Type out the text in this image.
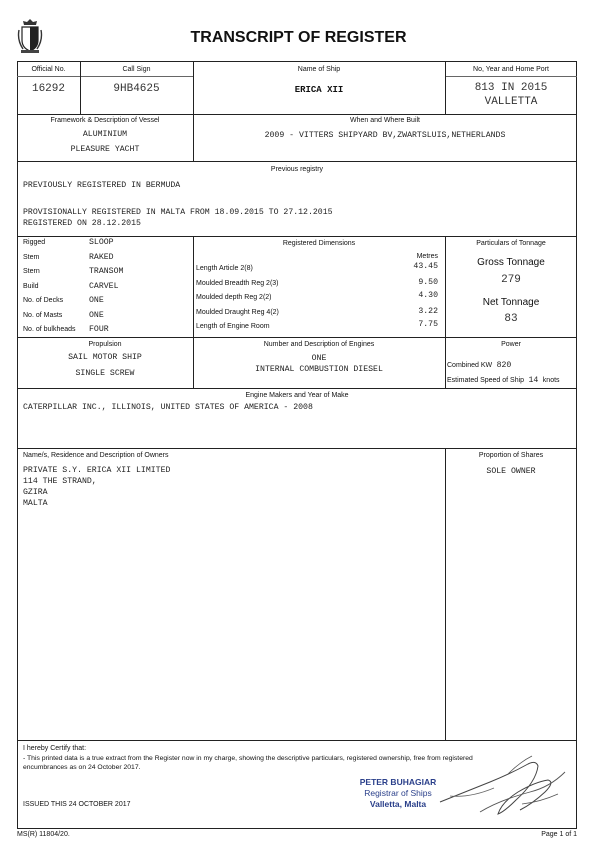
TRANSCRIPT OF REGISTER
Official No.
16292
Call Sign
9HB4625
Name of Ship
ERICA XII
No, Year and Home Port
813 IN 2015
VALLETTA
Framework & Description of Vessel
ALUMINIUM
PLEASURE YACHT
When and Where Built
2009 - VITTERS SHIPYARD BV,ZWARTSLUIS,NETHERLANDS
Previous registry
PREVIOUSLY REGISTERED IN BERMUDA
PROVISIONALLY REGISTERED IN MALTA FROM 18.09.2015 TO 27.12.2015
REGISTERED ON 28.12.2015
Rigged	SLOOP
Stem	RAKED
Stern	TRANSOM
Build	CARVEL
No. of Decks	ONE
No. of Masts	ONE
No. of bulkheads FOUR
Registered Dimensions
Metres
Length Article 2(8)	43.45
Moulded Breadth Reg 2(3)	9.50
Moulded depth Reg 2(2)	4.30
Moulded Draught Reg 4(2)	3.22
Length of Engine Room	7.75
Particulars of Tonnage
Gross Tonnage
279
Net Tonnage
83
Propulsion
SAIL MOTOR SHIP
SINGLE SCREW
Number and Description of Engines
ONE
INTERNAL COMBUSTION DIESEL
Power
Combined KW 820
Estimated Speed of Ship 14 knots
Engine Makers and Year of Make
CATERPILLAR INC., ILLINOIS, UNITED STATES OF AMERICA - 2008
Name/s, Residence and Description of Owners
PRIVATE S.Y. ERICA XII LIMITED
114 THE STRAND,
GZIRA
MALTA
Proportion of Shares
SOLE OWNER
I hereby Certify that:
- This printed data is a true extract from the Register now in my charge, showing the descriptive particulars, registered ownership, free from registered
encumbrances as on 24 October 2017.
PETER BUHAGIAR
Registrar of Ships
Valletta, Malta
ISSUED THIS 24 OCTOBER 2017
MS(R) 11804/20.	Page 1 of 1
